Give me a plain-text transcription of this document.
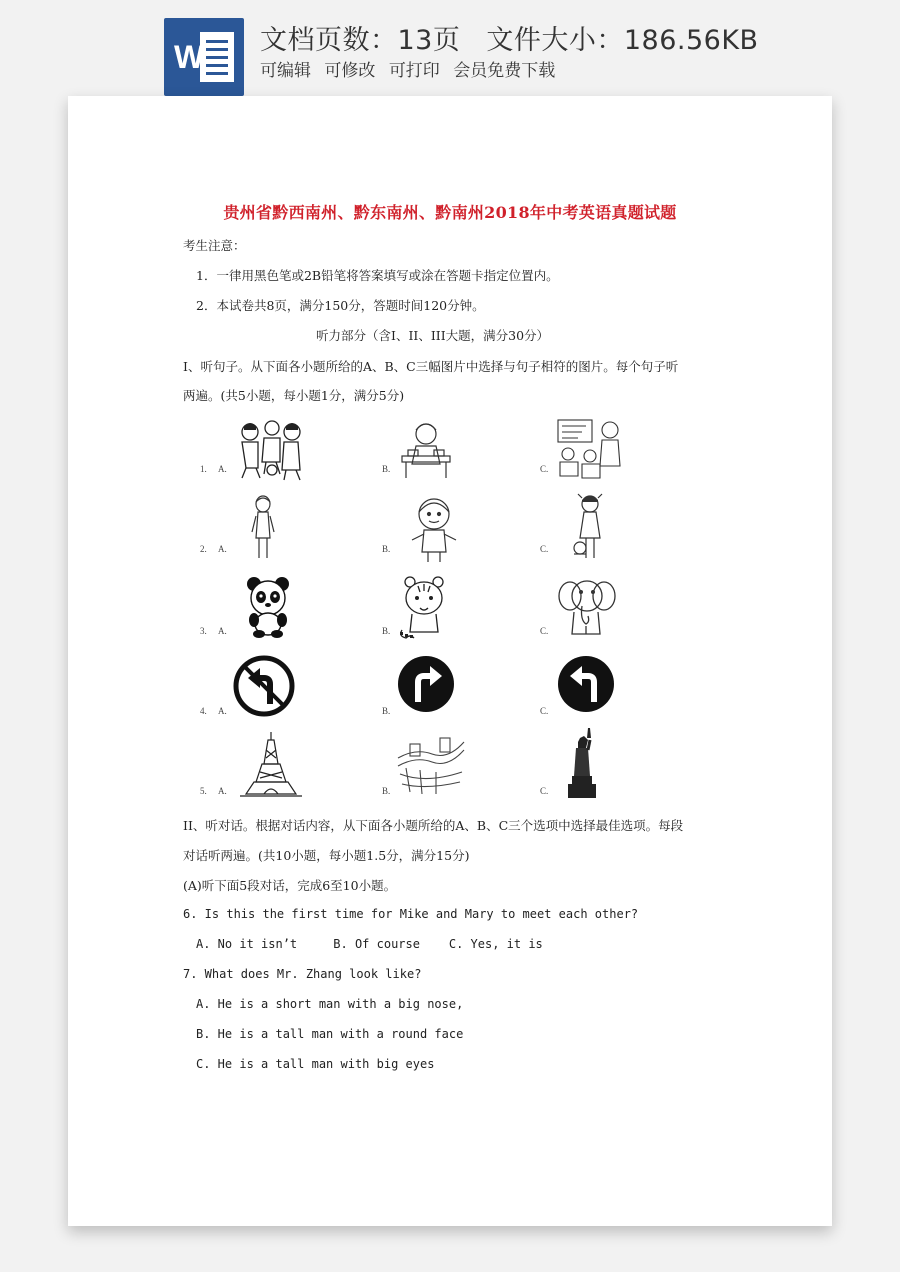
W 文档页数：13页 文件大小：186.56KB
可编辑 可修改 可打印 会员免费下载
贵州省黔西南州、黔东南州、黔南州2018年中考英语真题试题
考生注意：
1．一律用黑色笔或2B铅笔将答案填写或涂在答题卡指定位置内。
2．本试卷共8页，满分150分，答题时间120分钟。
听力部分（含I、II、III大题，满分30分）
I、听句子。从下面各小题所给的A、B、C三幅图片中选择与句子相符的图片。每个句子听
两遍。(共5小题，每小题1分，满分5分)
1. A.	B.	C.
2. A.	B.	C.
3. A.	B.	C.
4. A.	B.	C.
5. A.	B.	C.
II、听对话。根据对话内容，从下面各小题所给的A、B、C三个选项中选择最佳选项。每段
对话听两遍。(共10小题，每小题1.5分，满分15分)
(A)听下面5段对话，完成6至10小题。
6. Is this the first time for Mike and Mary to meet each other?
A. No it isn’t     B. Of course    C. Yes, it is
7. What does Mr. Zhang look like?
A. He is a short man with a big nose,
B. He is a tall man with a round face
C. He is a tall man with big eyes
